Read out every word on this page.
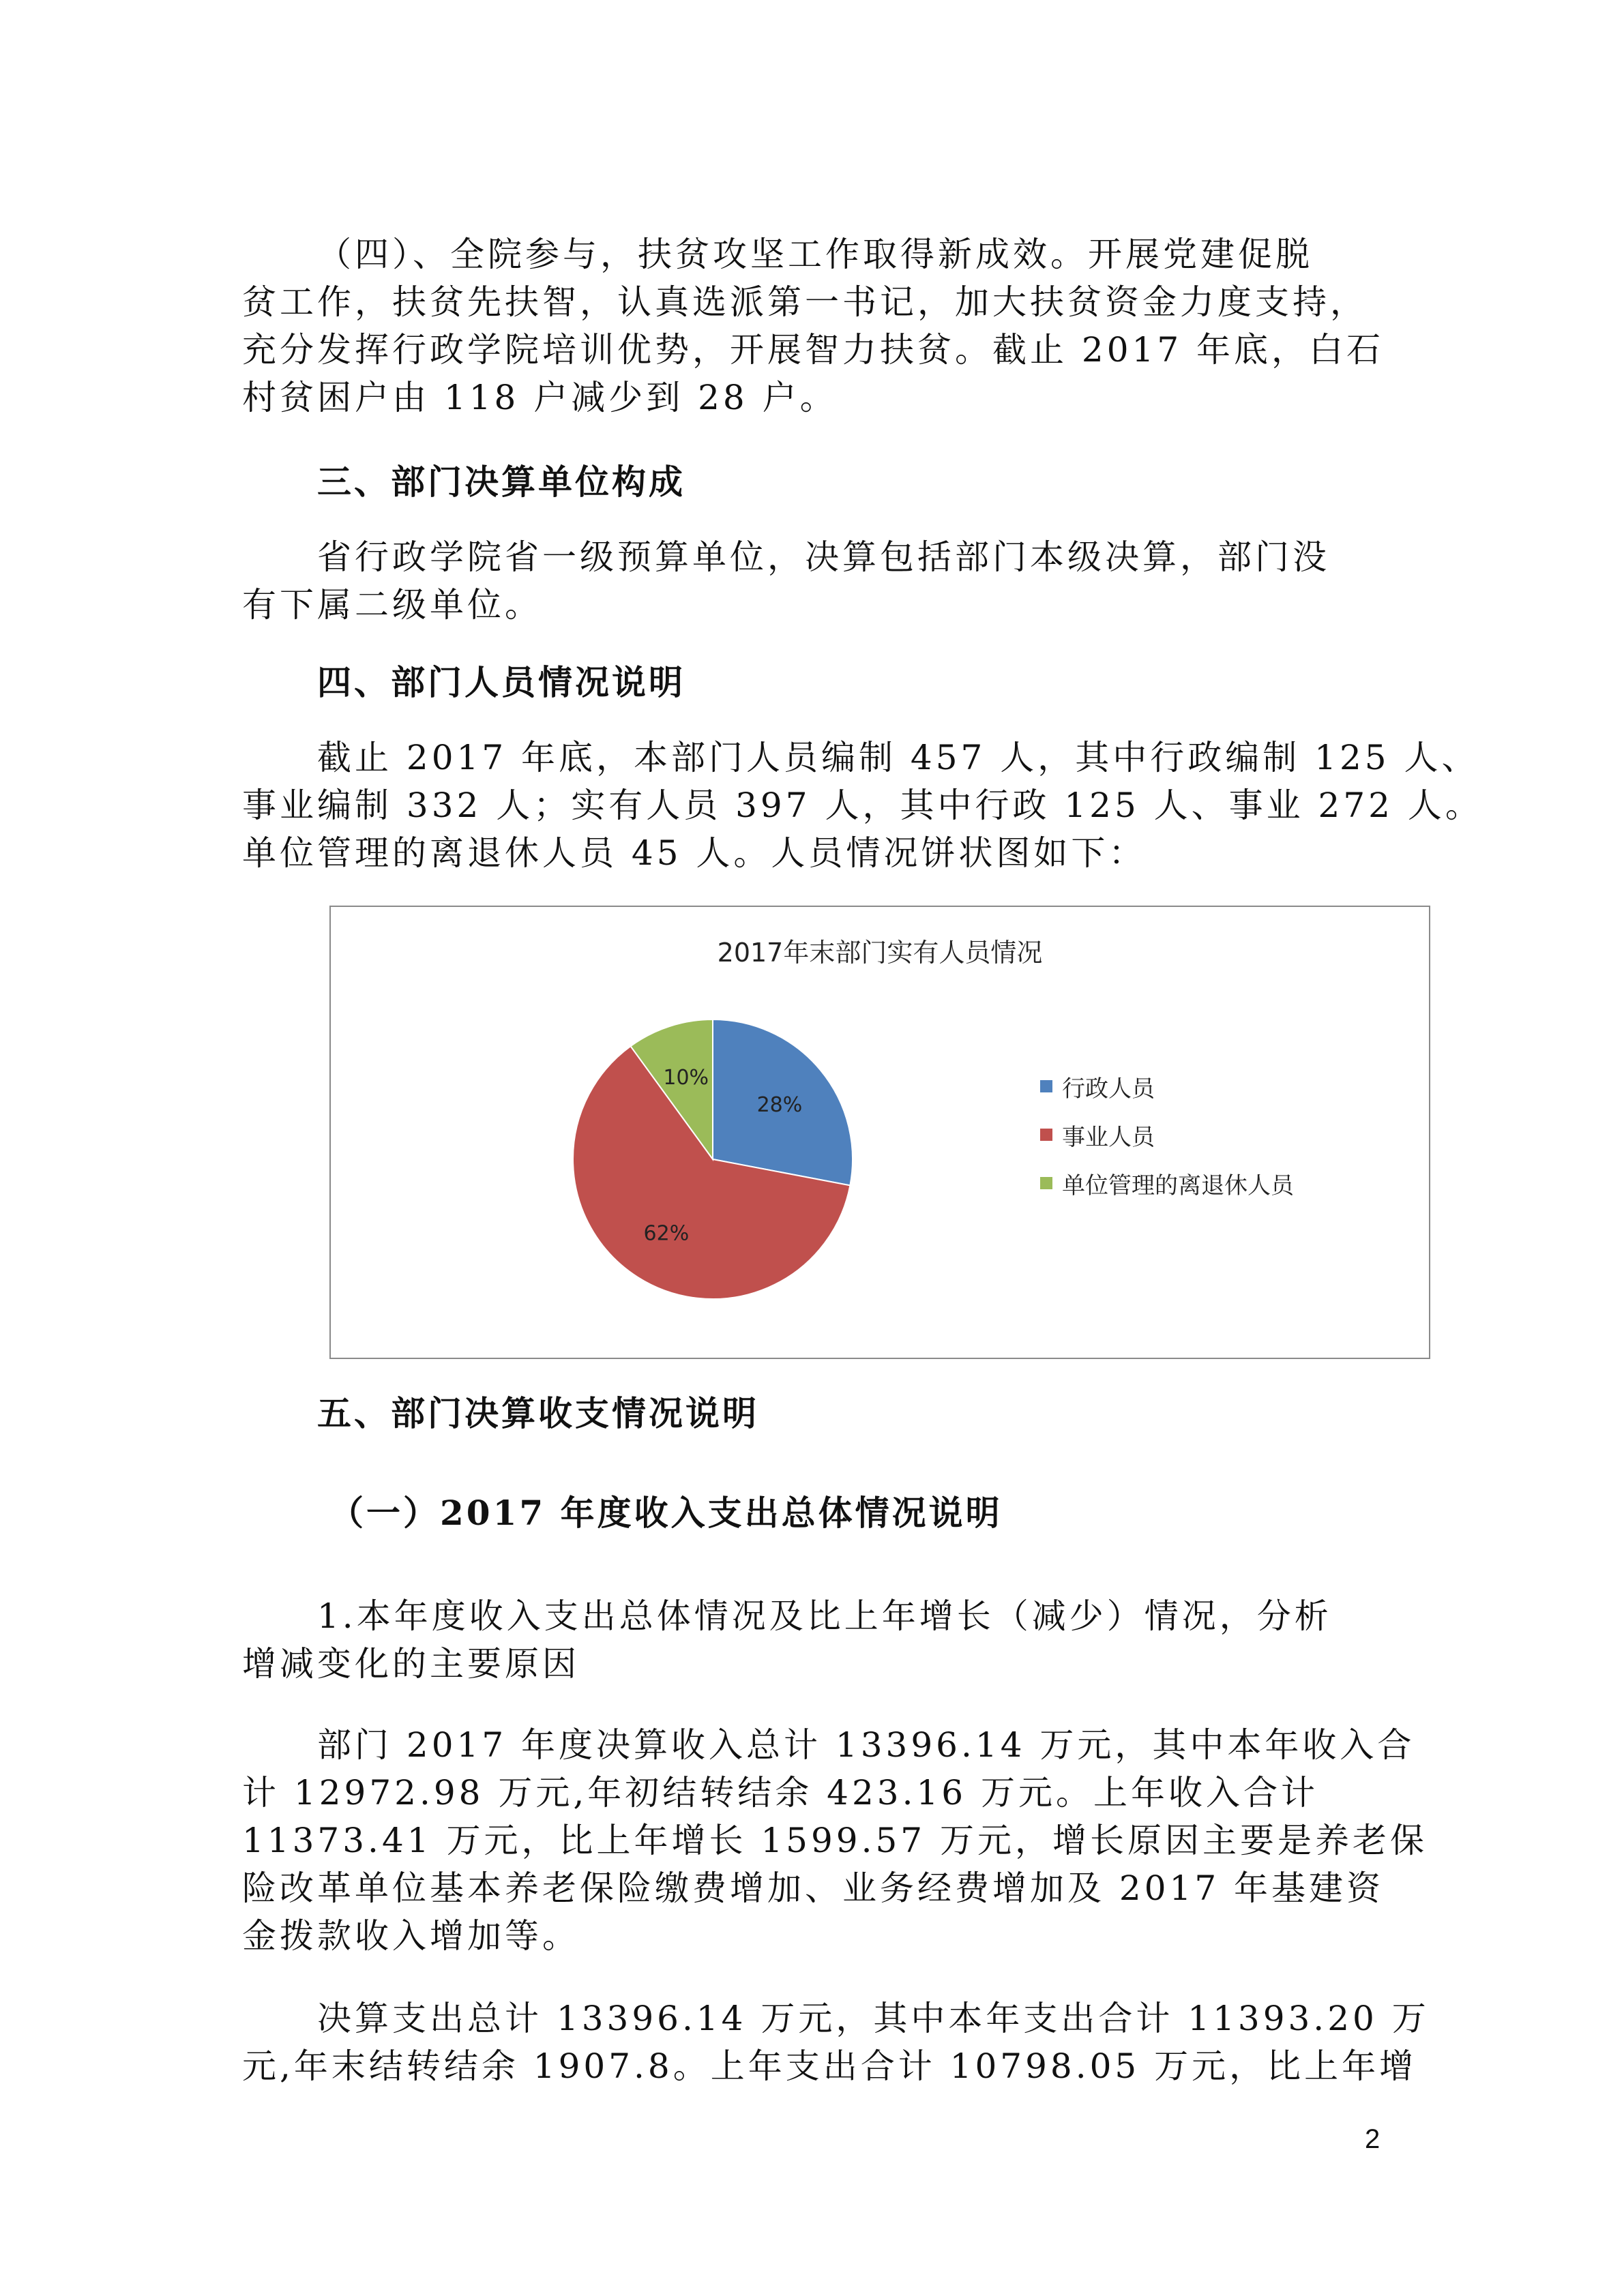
（四）、全院参与，扶贫攻坚工作取得新成效。开展党建促脱
贫工作，扶贫先扶智，认真选派第一书记，加大扶贫资金力度支持，
充分发挥行政学院培训优势，开展智力扶贫。截止 2017 年底，白石
村贫困户由 118 户减少到 28 户。
三、部门决算单位构成
省行政学院省一级预算单位，决算包括部门本级决算，部门没
有下属二级单位。
四、部门人员情况说明
截止 2017 年底，本部门人员编制 457 人，其中行政编制 125 人、
事业编制 332 人；实有人员 397 人，其中行政 125 人、事业 272 人。
单位管理的离退休人员 45 人。人员情况饼状图如下：
2017年末部门实有人员情况
28%
62%
10%	行政人员
事业人员
单位管理的离退休人员
五、部门决算收支情况说明
（一）2017 年度收入支出总体情况说明
1.本年度收入支出总体情况及比上年增长（减少）情况，分析
增减变化的主要原因
部门 2017 年度决算收入总计 13396.14 万元，其中本年收入合
计 12972.98 万元,年初结转结余 423.16 万元。上年收入合计
11373.41 万元，比上年增长 1599.57 万元，增长原因主要是养老保
险改革单位基本养老保险缴费增加、业务经费增加及 2017 年基建资
金拨款收入增加等。
决算支出总计 13396.14 万元，其中本年支出合计 11393.20 万
元,年末结转结余 1907.8。上年支出合计 10798.05 万元，比上年增
2
